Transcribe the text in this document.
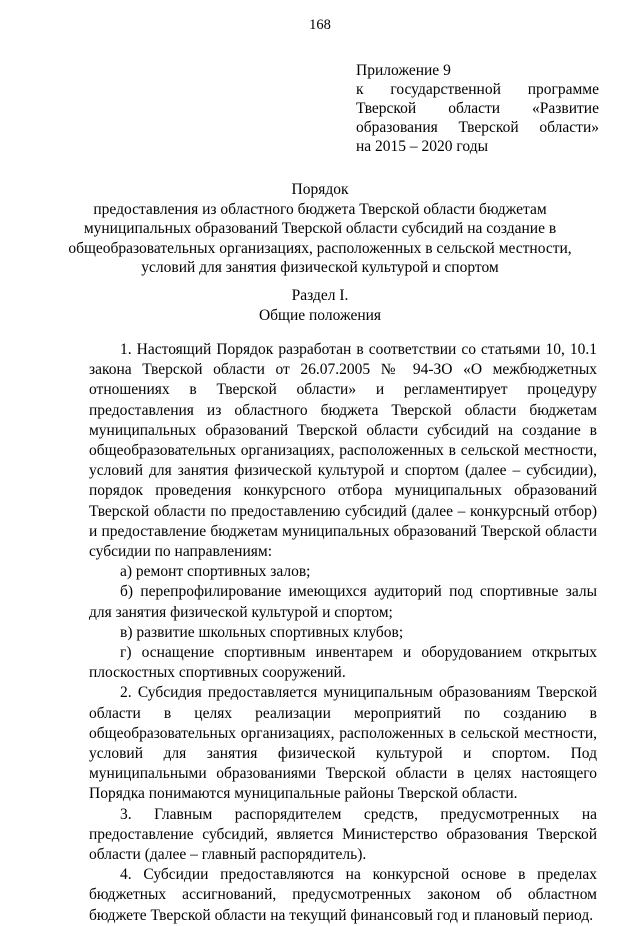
168
Приложение 9
к государственной программе
Тверской области «Развитие
образования Тверской области»
на 2015 – 2020 годы
Порядок
предоставления из областного бюджета Тверской области бюджетам
муниципальных образований Тверской области субсидий на создание в
общеобразовательных организациях, расположенных в сельской местности,
условий для занятия физической культурой и спортом
Раздел I.
Общие положения

1. Настоящий Порядок разработан в соответствии со статьями 10, 10.1 закона Тверской области от 26.07.2005 № 94-ЗО «О межбюджетных отношениях в Тверской области» и регламентирует процедуру предоставления из областного бюджета Тверской области бюджетам муниципальных образований Тверской области субсидий на создание в общеобразовательных организациях, расположенных в сельской местности, условий для занятия физической культурой и спортом (далее – субсидии), порядок проведения конкурсного отбора муниципальных образований Тверской области по предоставлению субсидий (далее – конкурсный отбор) и предоставление бюджетам муниципальных образований Тверской области субсидии по направлениям:

а) ремонт спортивных залов;

б) перепрофилирование имеющихся аудиторий под спортивные залы для занятия физической культурой и спортом;

в) развитие школьных спортивных клубов;

г) оснащение спортивным инвентарем и оборудованием открытых плоскостных спортивных сооружений.

2. Субсидия предоставляется муниципальным образованиям Тверской области в целях реализации мероприятий по созданию в общеобразовательных организациях, расположенных в сельской местности, условий для занятия физической культурой и спортом. Под муниципальными образованиями Тверской области в целях настоящего Порядка понимаются муниципальные районы Тверской области.

3. Главным распорядителем средств, предусмотренных на предоставление субсидий, является Министерство образования Тверской области (далее – главный распорядитель).

4. Субсидии предоставляются на конкурсной основе в пределах бюджетных ассигнований, предусмотренных законом об областном бюджете Тверской области на текущий финансовый год и плановый период.
